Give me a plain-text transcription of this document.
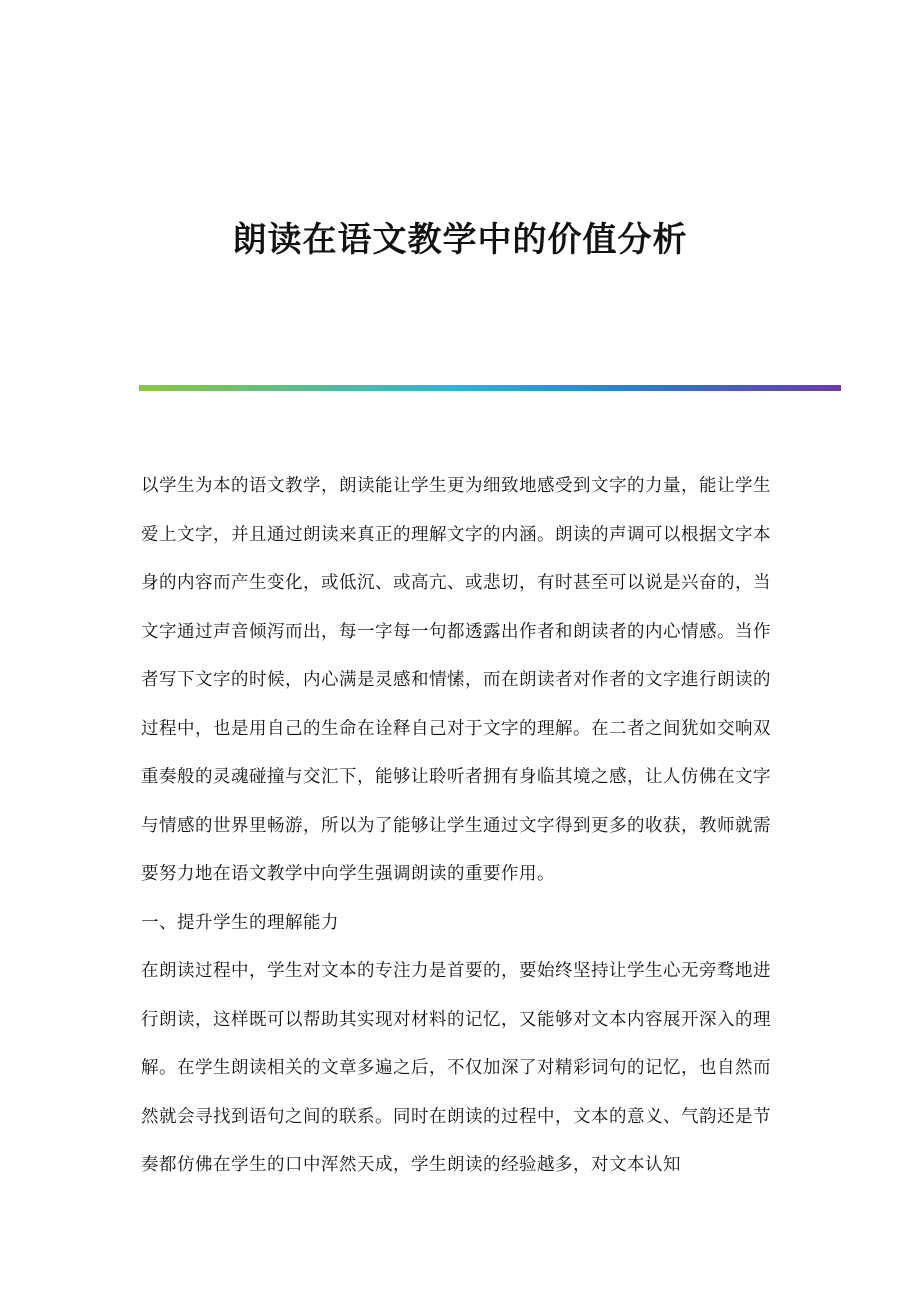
朗读在语文教学中的价值分析

以学生为本的语文教学，朗读能让学生更为细致地感受到文字的力量，能让学生爱上文字，并且通过朗读来真正的理解文字的内涵。朗读的声调可以根据文字本身的内容而产生变化，或低沉、或高亢、或悲切，有时甚至可以说是兴奋的，当文字通过声音倾泻而出，每一字每一句都透露出作者和朗读者的内心情感。当作者写下文字的时候，内心满是灵感和情愫，而在朗读者对作者的文字進行朗读的过程中，也是用自己的生命在诠释自己对于文字的理解。在二者之间犹如交响双重奏般的灵魂碰撞与交汇下，能够让聆听者拥有身临其境之感，让人仿佛在文字与情感的世界里畅游，所以为了能够让学生通过文字得到更多的收获，教师就需要努力地在语文教学中向学生强调朗读的重要作用。

一、提升学生的理解能力

在朗读过程中，学生对文本的专注力是首要的，要始终坚持让学生心无旁骛地进行朗读，这样既可以帮助其实现对材料的记忆，又能够对文本内容展开深入的理解。在学生朗读相关的文章多遍之后，不仅加深了对精彩词句的记忆，也自然而然就会寻找到语句之间的联系。同时在朗读的过程中，文本的意义、气韵还是节奏都仿佛在学生的口中浑然天成，学生朗读的经验越多，对文本认知
